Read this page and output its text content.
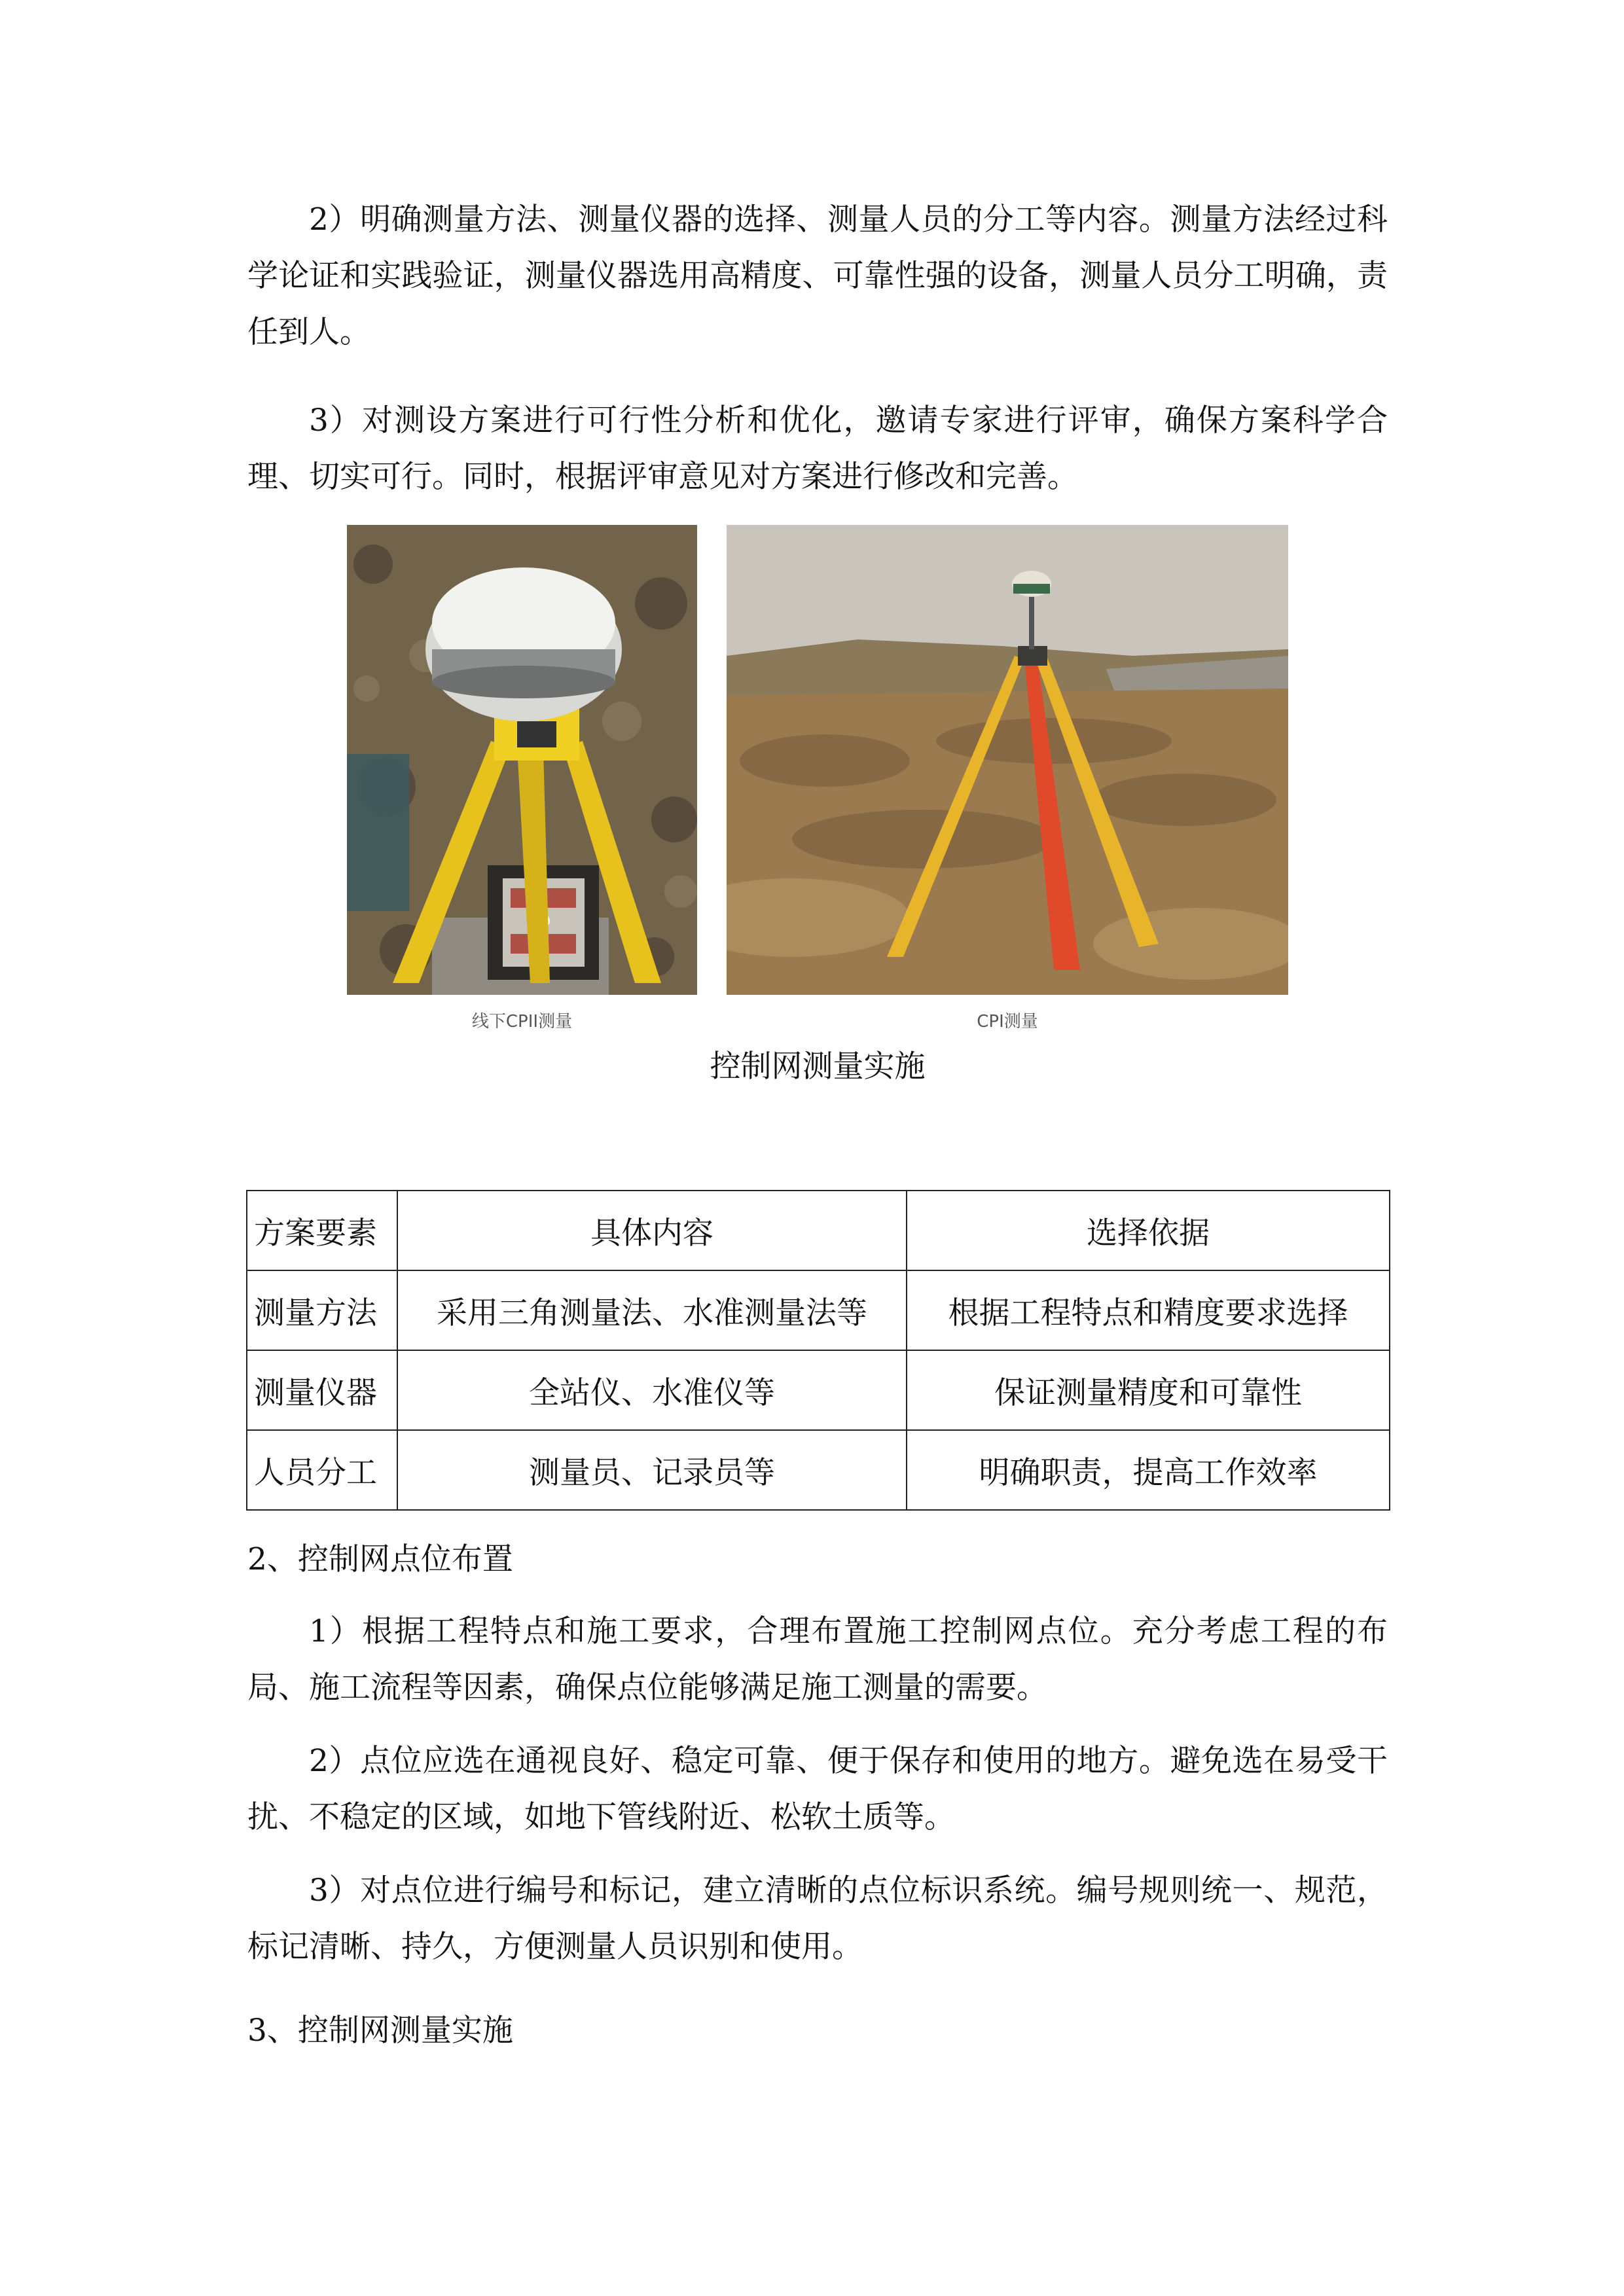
2）明确测量方法、测量仪器的选择、测量人员的分工等内容。测量方法经过科学论证和实践验证，测量仪器选用高精度、可靠性强的设备，测量人员分工明确，责任到人。

3）对测设方案进行可行性分析和优化，邀请专家进行评审，确保方案科学合理、切实可行。同时，根据评审意见对方案进行修改和完善。

线下CPII测量	CPI测量
控制网测量实施
方案要素	具体内容	选择依据
测量方法	采用三角测量法、水准测量法等	根据工程特点和精度要求选择
测量仪器	全站仪、水准仪等	保证测量精度和可靠性
人员分工	测量员、记录员等	明确职责，提高工作效率

2、控制网点位布置

1）根据工程特点和施工要求，合理布置施工控制网点位。充分考虑工程的布局、施工流程等因素，确保点位能够满足施工测量的需要。

2）点位应选在通视良好、稳定可靠、便于保存和使用的地方。避免选在易受干扰、不稳定的区域，如地下管线附近、松软土质等。

3）对点位进行编号和标记，建立清晰的点位标识系统。编号规则统一、规范，标记清晰、持久，方便测量人员识别和使用。

3、控制网测量实施
